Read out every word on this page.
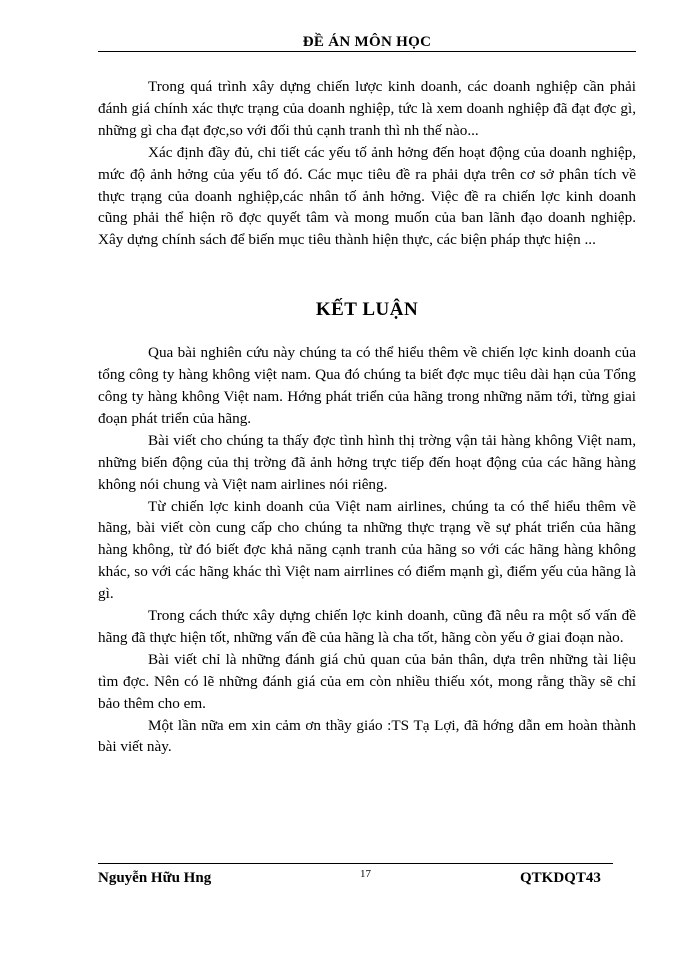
ĐỀ ÁN MÔN HỌC

Trong quá trình xây dựng chiến lược kinh doanh, các doanh nghiệp cần phải đánh giá chính xác thực trạng của doanh nghiệp, tức là xem doanh nghiệp đã đạt đợc gì, những gì cha đạt đợc,so với đối thủ cạnh tranh thì nh thế nào...

Xác định đầy đủ, chi tiết các yếu tố ảnh hởng đến hoạt động của doanh nghiệp, mức độ ảnh hởng của yếu tố đó. Các mục tiêu đề ra phải dựa trên cơ sở phân tích về thực trạng của doanh nghiệp,các nhân tố ảnh hởng. Việc đề ra chiến lợc kinh doanh cũng phải thể hiện rõ đợc quyết tâm và mong muốn của ban lãnh đạo doanh nghiệp. Xây dựng chính sách để biến mục tiêu thành hiện thực, các biện pháp thực hiện ...

KẾT LUẬN

Qua bài nghiên cứu này chúng ta có thể hiểu thêm về chiến lợc kinh doanh của tổng công ty hàng không việt nam. Qua đó chúng ta biết đợc mục tiêu dài hạn của Tổng công ty hàng không Việt nam. Hớng phát triển của hãng trong những năm tới, từng giai đoạn phát triển của hãng.

Bài viết cho chúng ta thấy đợc tình hình thị trờng vận tải hàng không Việt nam, những biến động của thị trờng đã ảnh hởng trực tiếp đến hoạt động của các hãng hàng không nói chung và Việt nam airlines nói riêng.

Từ chiến lợc kinh doanh của Việt nam airlines, chúng ta có thể hiểu thêm về hãng, bài viết còn cung cấp cho chúng ta những thực trạng về sự phát triển của hãng hàng không, từ đó biết đợc khả năng cạnh tranh của hãng so với các hãng hàng không khác, so với các hãng khác thì Việt nam airrlines có điểm mạnh gì, điểm yếu của hãng là gì.

Trong cách thức xây dựng chiến lợc kinh doanh, cũng đã nêu ra một số vấn đề hãng đã thực hiện tốt, những vấn đề của hãng là cha tốt, hãng còn yếu ở giai đoạn nào.

Bài viết chỉ là những đánh giá chủ quan của bản thân, dựa trên những tài liệu tìm đợc. Nên có lẽ những đánh giá của em còn nhiều thiếu xót, mong rằng thầy sẽ chỉ bảo thêm cho em.

Một lần nữa em xin cảm ơn thầy giáo :TS Tạ Lợi, đã hớng dẫn em hoàn thành bài viết này.

Nguyễn Hữu Hng	17	QTKDQT43
